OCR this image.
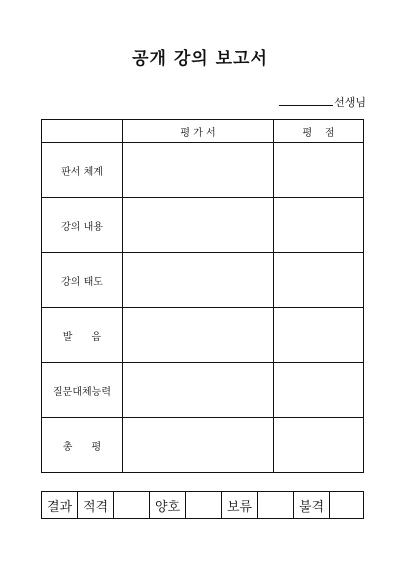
공개 강의 보고서
선생님
	평 가 서	평    점
판서 체계		
강의 내용		
강의 태도		
발      음		
질문대체능력		
총      평		
결과	적격		양호		보류		불격	
